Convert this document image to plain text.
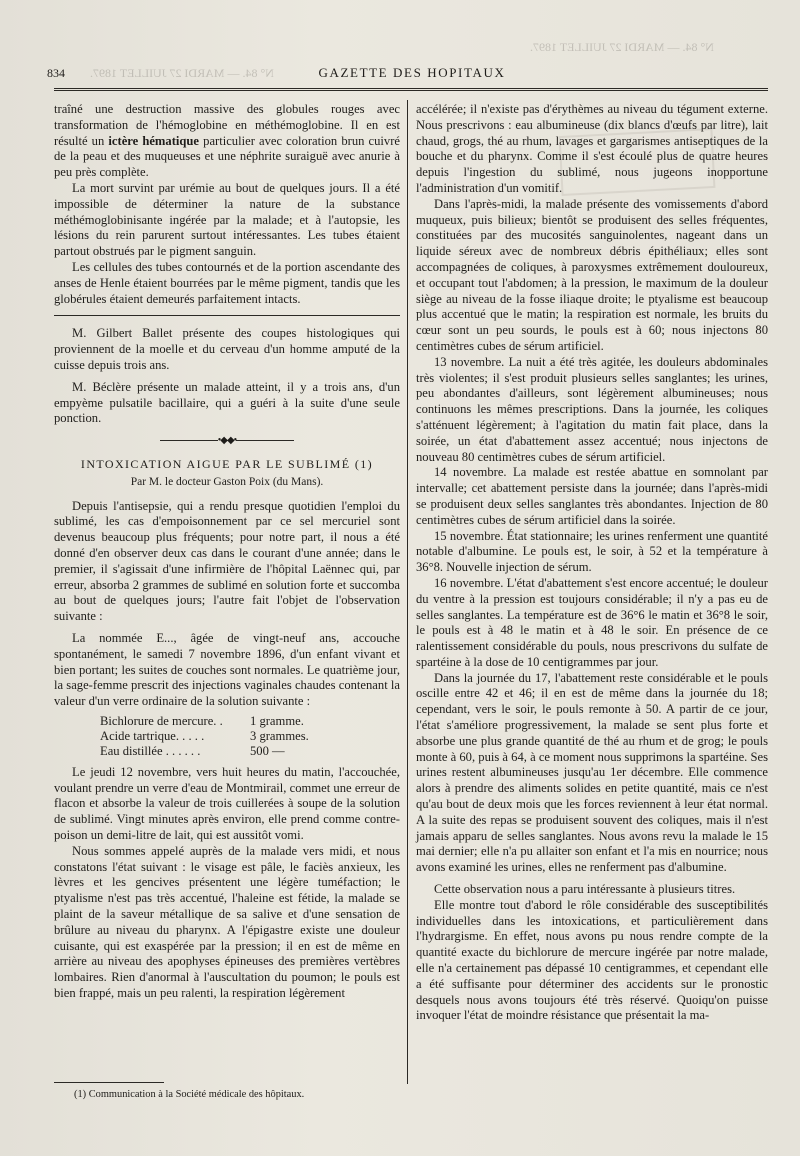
N° 84. — MARDI 27 JUILLET 1897.
N° 84. — MARDI 27 JUILLET 1897.
834	GAZETTE DES HOPITAUX

traîné une destruction massive des globules rouges avec transformation de l'hémoglobine en méthémoglobine. Il en est résulté un ictère hématique particulier avec coloration brun cuivré de la peau et des muqueuses et une néphrite suraiguë avec anurie à peu près complète.

La mort survint par urémie au bout de quelques jours. Il a été impossible de déterminer la nature de la substance méthémoglobinisante ingérée par la malade; et à l'autopsie, les lésions du rein parurent surtout intéressantes. Les tubes étaient partout obstrués par le pigment sanguin.

Les cellules des tubes contournés et de la portion ascendante des anses de Henle étaient bourrées par le même pigment, tandis que les globérules étaient demeurés parfaitement intacts.

M. Gilbert Ballet présente des coupes histologiques qui proviennent de la moelle et du cerveau d'un homme amputé de la cuisse depuis trois ans.

M. Béclère présente un malade atteint, il y a trois ans, d'un empyème pulsatile bacillaire, qui a guéri à la suite d'une seule ponction.

•◆◆•
INTOXICATION AIGUE PAR LE SUBLIMÉ (1)
Par M. le docteur Gaston Poix (du Mans).

Depuis l'antisepsie, qui a rendu presque quotidien l'emploi du sublimé, les cas d'empoisonnement par ce sel mercuriel sont devenus beaucoup plus fréquents; pour notre part, il nous a été donné d'en observer deux cas dans le courant d'une année; dans le premier, il s'agissait d'une infirmière de l'hôpital Laënnec qui, par erreur, absorba 2 grammes de sublimé en solution forte et succomba au bout de quelques jours; l'autre fait l'objet de l'observation suivante :

La nommée E..., âgée de vingt-neuf ans, accouche spontanément, le samedi 7 novembre 1896, d'un enfant vivant et bien portant; les suites de couches sont normales. Le quatrième jour, la sage-femme prescrit des injections vaginales chaudes contenant la valeur d'un verre ordinaire de la solution suivante :

Bichlorure de mercure. .	1 gramme.
Acide tartrique. . . . .	3 grammes.
Eau distillée . . . . . .	500 —

Le jeudi 12 novembre, vers huit heures du matin, l'accouchée, voulant prendre un verre d'eau de Montmirail, commet une erreur de flacon et absorbe la valeur de trois cuillerées à soupe de la solution de sublimé. Vingt minutes après environ, elle prend comme contre-poison un demi-litre de lait, qui est aussitôt vomi.

Nous sommes appelé auprès de la malade vers midi, et nous constatons l'état suivant : le visage est pâle, le faciès anxieux, les lèvres et les gencives présentent une légère tuméfaction; le ptyalisme n'est pas très accentué, l'haleine est fétide, la malade se plaint de la saveur métallique de sa salive et d'une sensation de brûlure au niveau du pharynx. A l'épigastre existe une douleur cuisante, qui est exaspérée par la pression; il en est de même en arrière au niveau des apophyses épineuses des premières vertèbres lombaires. Rien d'anormal à l'auscultation du poumon; le pouls est bien frappé, mais un peu ralenti, la respiration légèrement

accélérée; il n'existe pas d'érythèmes au niveau du tégument externe. Nous prescrivons : eau albumineuse (dix blancs d'œufs par litre), lait chaud, grogs, thé au rhum, lavages et gargarismes antiseptiques de la bouche et du pharynx. Comme il s'est écoulé plus de quatre heures depuis l'ingestion du sublimé, nous jugeons inopportune l'administration d'un vomitif.

Dans l'après-midi, la malade présente des vomissements d'abord muqueux, puis bilieux; bientôt se produisent des selles fréquentes, constituées par des mucosités sanguinolentes, nageant dans un liquide séreux avec de nombreux débris épithéliaux; elles sont accompagnées de coliques, à paroxysmes extrêmement douloureux, et occupant tout l'abdomen; à la pression, le maximum de la douleur siège au niveau de la fosse iliaque droite; le ptyalisme est beaucoup plus accentué que le matin; la respiration est normale, les bruits du cœur sont un peu sourds, le pouls est à 60; nous injectons 80 centimètres cubes de sérum artificiel.

13 novembre. La nuit a été très agitée, les douleurs abdominales très violentes; il s'est produit plusieurs selles sanglantes; les urines, peu abondantes d'ailleurs, sont légèrement albumineuses; nous continuons les mêmes prescriptions. Dans la journée, les coliques s'atténuent légèrement; à l'agitation du matin fait place, dans la soirée, un état d'abattement assez accentué; nous injectons de nouveau 80 centimètres cubes de sérum artificiel.

14 novembre. La malade est restée abattue en somnolant par intervalle; cet abattement persiste dans la journée; dans l'après-midi se produisent deux selles sanglantes très abondantes. Injection de 80 centimètres cubes de sérum artificiel dans la soirée.

15 novembre. État stationnaire; les urines renferment une quantité notable d'albumine. Le pouls est, le soir, à 52 et la température à 36°8. Nouvelle injection de sérum.

16 novembre. L'état d'abattement s'est encore accentué; le douleur du ventre à la pression est toujours considérable; il n'y a pas eu de selles sanglantes. La température est de 36°6 le matin et 36°8 le soir, le pouls est à 48 le matin et à 48 le soir. En présence de ce ralentissement considérable du pouls, nous prescrivons du sulfate de spartéine à la dose de 10 centigrammes par jour.

Dans la journée du 17, l'abattement reste considérable et le pouls oscille entre 42 et 46; il en est de même dans la journée du 18; cependant, vers le soir, le pouls remonte à 50. A partir de ce jour, l'état s'améliore progressivement, la malade se sent plus forte et absorbe une plus grande quantité de thé au rhum et de grog; le pouls monte à 60, puis à 64, à ce moment nous supprimons la spartéine. Ses urines restent albumineuses jusqu'au 1er décembre. Elle commence alors à prendre des aliments solides en petite quantité, mais ce n'est qu'au bout de deux mois que les forces reviennent à leur état normal. A la suite des repas se produisent souvent des coliques, mais il n'est jamais apparu de selles sanglantes. Nous avons revu la malade le 15 mai dernier; elle n'a pu allaiter son enfant et l'a mis en nourrice; nous avons examiné les urines, elles ne renferment pas d'albumine.

Cette observation nous a paru intéressante à plusieurs titres.

Elle montre tout d'abord le rôle considérable des susceptibilités individuelles dans les intoxications, et particulièrement dans l'hydrargisme. En effet, nous avons pu nous rendre compte de la quantité exacte du bichlorure de mercure ingérée par notre malade, elle n'a certainement pas dépassé 10 centigrammes, et cependant elle a été suffisante pour déterminer des accidents sur le pronostic desquels nous avons toujours été très réservé. Quoiqu'on puisse invoquer l'état de moindre résistance que présentait la ma-

(1) Communication à la Société médicale des hôpitaux.
